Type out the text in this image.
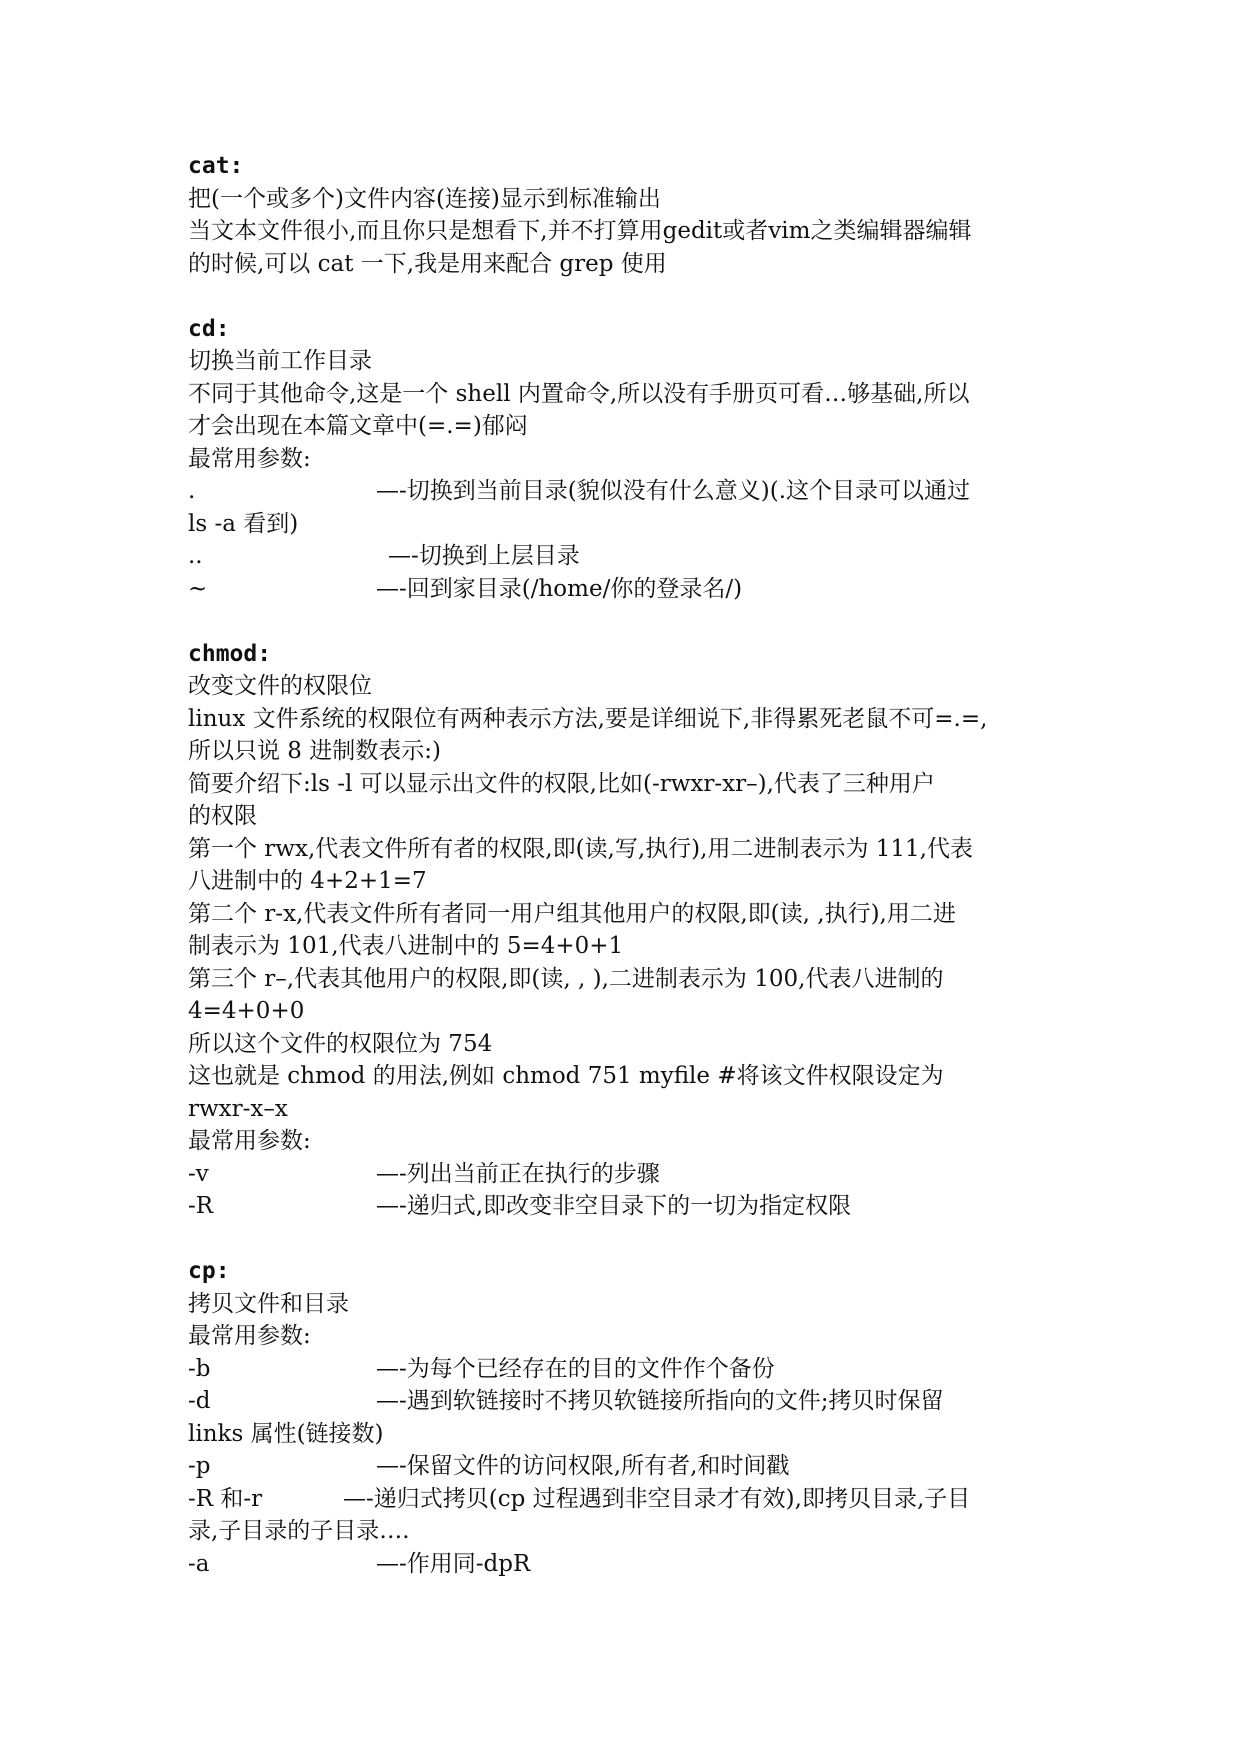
cat:
把(一个或多个)文件内容(连接)显示到标准输出
当文本文件很小,而且你只是想看下,并不打算用gedit或者vim之类编辑器编辑
的时候,可以 cat 一下,我是用来配合 grep 使用
cd:
切换当前工作目录
不同于其他命令,这是一个 shell 内置命令,所以没有手册页可看…够基础,所以
才会出现在本篇文章中(=.=)郁闷
最常用参数:
.	—-切换到当前目录(貌似没有什么意义)(.这个目录可以通过
ls -a 看到)
..	—-切换到上层目录
~	—-回到家目录(/home/你的登录名/)
chmod:
改变文件的权限位
linux 文件系统的权限位有两种表示方法,要是详细说下,非得累死老鼠不可=.=,
所以只说 8 进制数表示:)
简要介绍下:ls -l 可以显示出文件的权限,比如(-rwxr-xr–),代表了三种用户
的权限
第一个 rwx,代表文件所有者的权限,即(读,写,执行),用二进制表示为 111,代表
八进制中的 4+2+1=7
第二个 r-x,代表文件所有者同一用户组其他用户的权限,即(读, ,执行),用二进
制表示为 101,代表八进制中的 5=4+0+1
第三个 r–,代表其他用户的权限,即(读, , ),二进制表示为 100,代表八进制的
4=4+0+0
所以这个文件的权限位为 754
这也就是 chmod 的用法,例如 chmod 751 myfile #将该文件权限设定为
rwxr-x–x
最常用参数:
-v	—-列出当前正在执行的步骤
-R	—-递归式,即改变非空目录下的一切为指定权限
cp:
拷贝文件和目录
最常用参数:
-b	—-为每个已经存在的目的文件作个备份
-d	—-遇到软链接时不拷贝软链接所指向的文件;拷贝时保留
links 属性(链接数)
-p	—-保留文件的访问权限,所有者,和时间戳
-R 和-r	—-递归式拷贝(cp 过程遇到非空目录才有效),即拷贝目录,子目
录,子目录的子目录….
-a	—-作用同-dpR
